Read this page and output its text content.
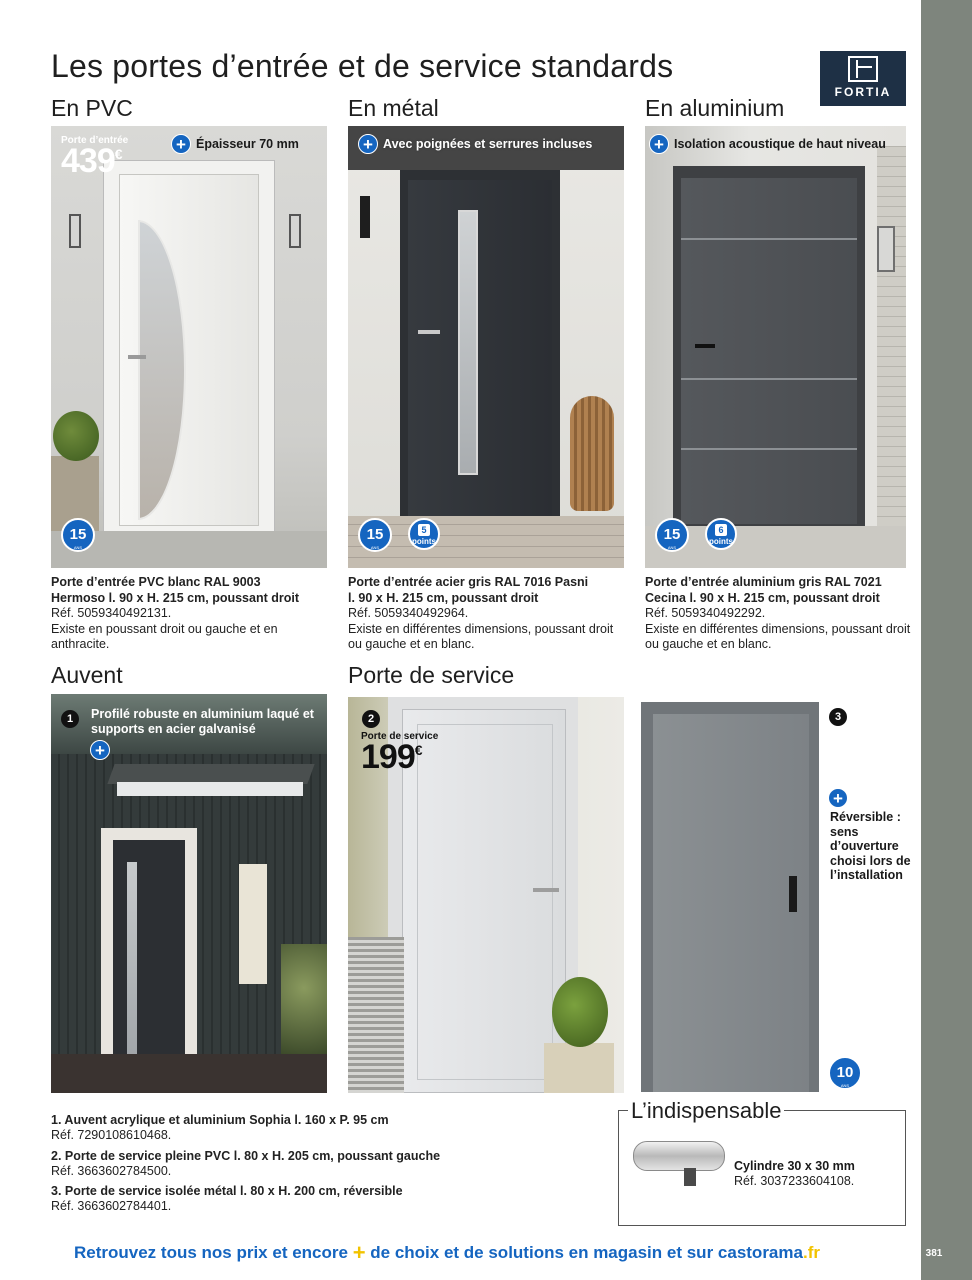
381
Les portes d’entrée et de service standards
FORTIA
En PVC	En métal	En aluminium
Auvent	Porte de service
+ Épaisseur 70 mm
Porte d’entrée
439€
15
ANS
+ Avec poignées et serrures incluses
15
ANS
5
points
+ Isolation acoustique de haut niveau
15
ANS
6
points
Porte d’entrée PVC blanc RAL 9003
Hermoso l. 90 x H. 215 cm, poussant droit
Réf. 5059340492131.
Existe en poussant droit ou gauche et en anthracite.
Porte d’entrée acier gris RAL 7016 Pasni
l. 90 x H. 215 cm, poussant droit
Réf. 5059340492964.
Existe en différentes dimensions, poussant droit ou gauche et en blanc.
Porte d’entrée aluminium gris RAL 7021
Cecina l. 90 x H. 215 cm, poussant droit
Réf. 5059340492292.
Existe en différentes dimensions, poussant droit ou gauche et en blanc.
1	Profilé robuste en aluminium laqué et supports en acier galvanisé
+
2
Porte de service
199€
3
+
Réversible : sens d’ouverture choisi lors de l’installation
10
ANS
1. Auvent acrylique et aluminium Sophia l. 160 x P. 95 cm
Réf. 7290108610468.
2. Porte de service pleine PVC l. 80 x H. 205 cm, poussant gauche
Réf. 3663602784500.
3. Porte de service isolée métal l. 80 x H. 200 cm, réversible
Réf. 3663602784401.
Cylindre 30 x 30 mm
Réf. 3037233604108.
L’indispensable
Retrouvez tous nos prix et encore + de choix et de solutions en magasin et sur castorama.fr
